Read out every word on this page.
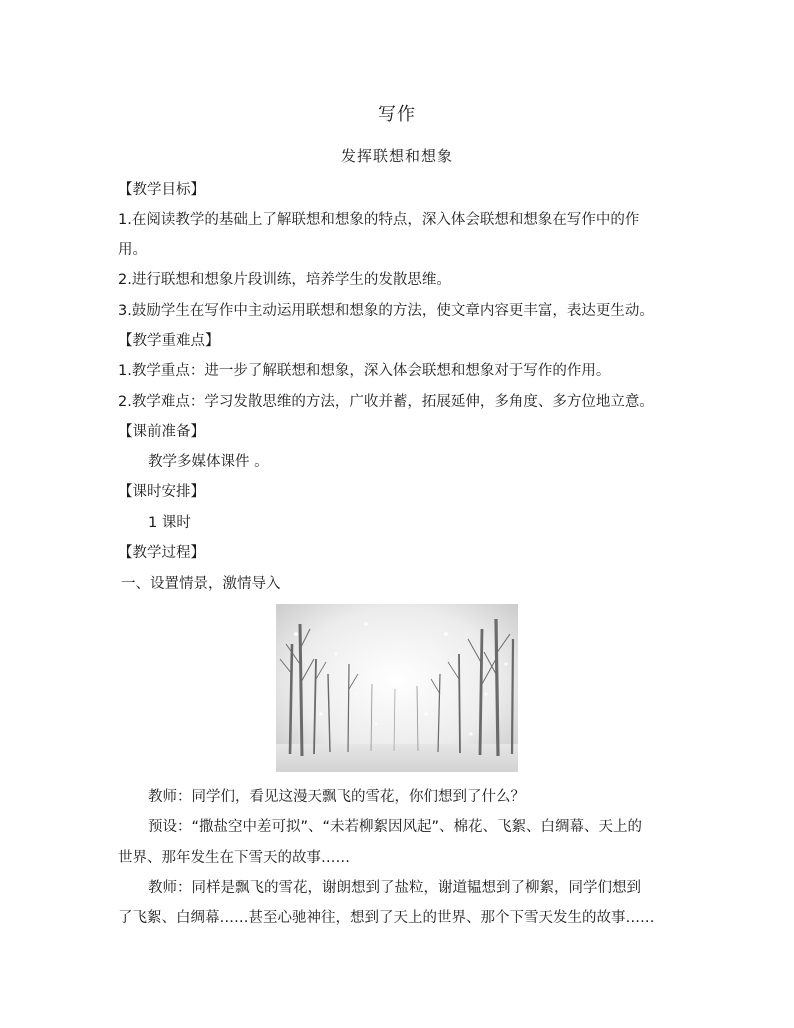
写作
发挥联想和想象
【教学目标】
1.在阅读教学的基础上了解联想和想象的特点，深入体会联想和想象在写作中的作
用。
2.进行联想和想象片段训练，培养学生的发散思维。
3.鼓励学生在写作中主动运用联想和想象的方法，使文章内容更丰富，表达更生动。
【教学重难点】
1.教学重点：进一步了解联想和想象，深入体会联想和想象对于写作的作用。
2.教学难点：学习发散思维的方法，广收并蓄，拓展延伸，多角度、多方位地立意。
【课前准备】
教学多媒体课件 。
【课时安排】
1 课时
【教学过程】
一、设置情景，激情导入
教师：同学们，看见这漫天飘飞的雪花，你们想到了什么？
预设：“撒盐空中差可拟”、“未若柳絮因风起”、棉花、飞絮、白绸幕、天上的
世界、那年发生在下雪天的故事……
教师：同样是飘飞的雪花，谢朗想到了盐粒，谢道韫想到了柳絮，同学们想到
了飞絮、白绸幕……甚至心驰神往，想到了天上的世界、那个下雪天发生的故事……
